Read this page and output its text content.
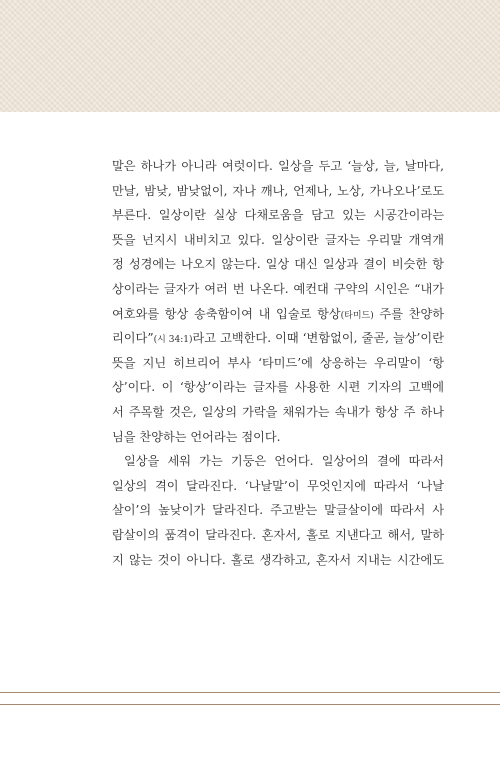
말은 하나가 아니라 여럿이다. 일상을 두고 ‘늘상, 늘, 날마다,
만날, 밤낮, 밤낮없이, 자나 깨나, 언제나, 노상, 가나오나’로도
부른다. 일상이란 실상 다채로움을 담고 있는 시공간이라는
뜻을 넌지시 내비치고 있다. 일상이란 글자는 우리말 개역개
정 성경에는 나오지 않는다. 일상 대신 일상과 결이 비슷한 항
상이라는 글자가 여러 번 나온다. 예컨대 구약의 시인은 “내가
여호와를 항상 송축함이여 내 입술로 항상(타미드) 주를 찬양하
리이다”(시 34:1)라고 고백한다. 이때 ‘변함없이, 줄곧, 늘상’이란
뜻을 지닌 히브리어 부사 ‘타미드’에 상응하는 우리말이 ‘항
상’이다. 이 ‘항상’이라는 글자를 사용한 시편 기자의 고백에
서 주목할 것은, 일상의 가락을 채워가는 속내가 항상 주 하나
님을 찬양하는 언어라는 점이다.
일상을 세워 가는 기둥은 언어다. 일상어의 결에 따라서
일상의 격이 달라진다. ‘나날말’이 무엇인지에 따라서 ‘나날
살이’의 높낮이가 달라진다. 주고받는 말글살이에 따라서 사
람살이의 품격이 달라진다. 혼자서, 홀로 지낸다고 해서, 말하
지 않는 것이 아니다. 홀로 생각하고, 혼자서 지내는 시간에도
